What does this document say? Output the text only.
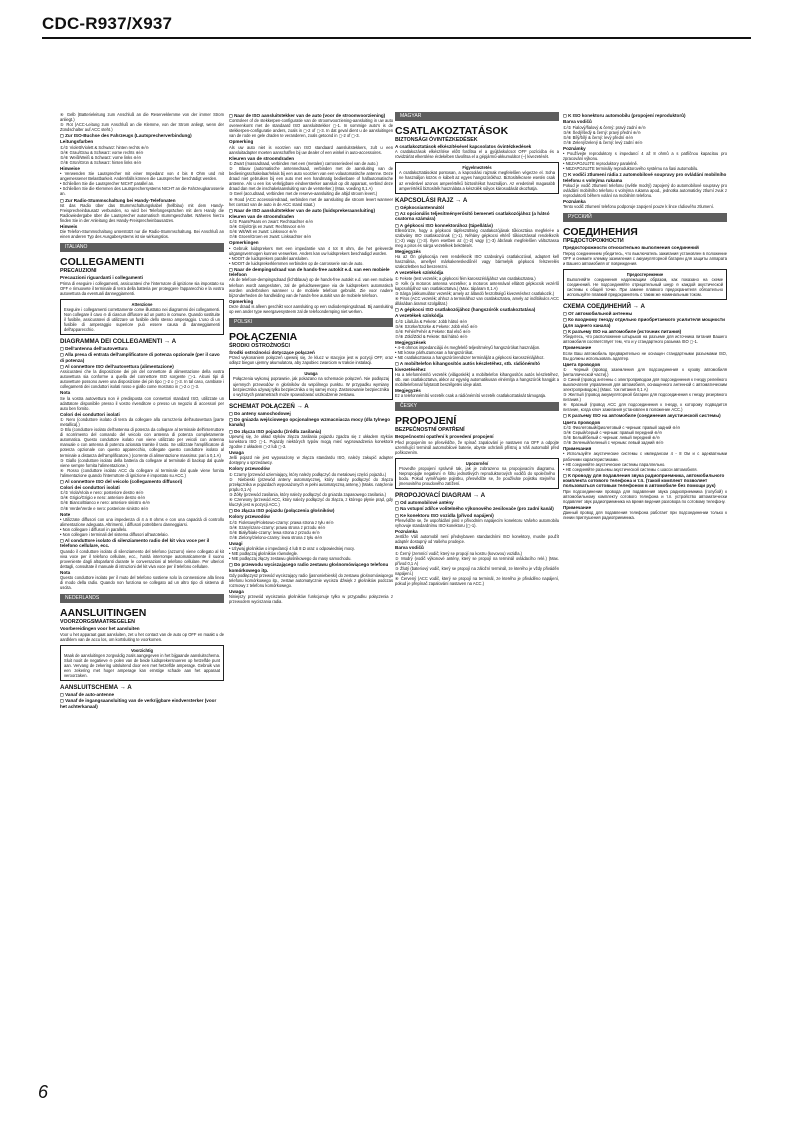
CDC-R937/X937

④ Gelb (Batterieleitung zum Anschluß an die Reserveklemme von der immer Strom anliegt.)

⑤ Rot (ACC-Leitung zum Anschluß an die Klemme, von der Strom anliegt, wenn der Zündschalter auf ACC steht.)

◻ Zur ISO-Buchse des Fahrzeugs (Lautsprecherverbindung)
Leitungsfarben

①/② Violett/Violett & Schwarz: hinten rechts ⊕/⊖

③/④ Grau/Grau & Schwarz: vorne rechts ⊕/⊖

⑤/⑥ Weiß/Weiß & Schwarz: vorne links ⊕/⊖

⑦/⑧ Grün/Grün & Schwarz: hinten links ⊕/⊖

Hinweise

• Verwenden Sie Lautsprecher mit einer Impedanz von 4 bis 8 Ohm und mit angemessener Belastbarkeit. Andernfalls können die Lautsprecher beschädigt werden.

• Schließen Sie die Lautsprecher NICHT parallel an.

• Schließen Sie die Klemmen des Lautsprechersystems NICHT an die Fahrzeugkarosserie an.

◻ Zur Radio-Stummschaltung bei Handy-Telefonaten

Ist das Radio über das Stummschaltungskabel (hellblau) mit dem Handy-Freisprecheinbausatz verbunden, so wird bei Telefongesprächen mit dem Handy die Radiowiedergabe über die Lautsprecher automatisch stummgeschaltet. Näheres hierzu finden Sie in der Anleitung des Handy-Freisprecheinbausatzes.

Hinweis

Die Telefon-Stummschaltung unterstützt nur die Radio-Stummschaltung. Bei Anschluß an einen anderen Typ des Ausgabesystems ist sie wirkungslos.

ITALIANO
COLLEGAMENTI
PRECAUZIONI
Precauzioni riguardanti i collegamenti

Prima di eseguire i collegamenti, assicuratevi che l'interrutore di ignizione sia impostato su OFF e rimuovete il terminale di terra della batteria per proteggere l'apparecchio e la vostra autovettura da eventuali danneggiamenti.

Attenzione

Eseguire i collegamenti correttamente come illustrato nei diagrammi dei collegamenti. Non collegare il cavo ⊖ di ciascun diffusore ad un punto in comune. Quando sostituite il fusibile, assicuratevi di utilizzare un fusibile dello stesso amperaggio. L'uso di un fusibile di amperaggio superiore può essere causa di danneggiamenti dell'apparecchio.

DIAGRAMMA DEI COLLEGAMENTI → A
◻ Dell'antenna dell'autovettura
◻ Alla presa di entrata dell'amplificatore di potenza opzionale (per il cavo di potenza)
◻ Al connettore ISO dell'autovettura (alimentazione)

Assicuratevi che la disposizione dei pin del connettore di alimentazione della vostra autovettura sia conforme a quella del connettore ISO sorgente ◻-1. Alcuni tipi di autovetture possono avere una disposizione dei pin tipo ◻-2 o ◻-3. In tal caso, cambiate i collegamenti dei conduttori isolati rosso e giallo come mostrato in ◻-2 o ◻-3.

Nota

Se la vostra autovettura non è predisposta con connettori standard ISO, utilizzate un adattatore disponibile presso il vostro rivenditore o presso un negozio di accessori per auto ben fornito.

Colori dei conduttori isolati

① Nero (conduttore isolato di terra da collegare alla carrozzeria dell'autovettura [parte metallica].)

② Blu (conduttore isolato dell'antenna di potenza da collegare al terminale dell'interruttore di scorrimento del comando del veicolo con antenna di potenza completamente automatica. Questo conduttore isolato non viene utilizzato per veicoli con antenna manuale o con antenna di potenza azionata tramite il tasto. Se utilizzate l'amplificatore di potenza opzionale con questo apparecchio, collegate questo conduttore isolato al terminale a distanza dell'amplificatore.) (corrente di alimentazione massima: pari a 0,1 A)

③ Giallo (conduttore isolato della batteria da collegare al terminale di backup dal quale viene sempre fornita l'alimentazione.)

④ Rosso (conduttore isolato ACC da collegare al terminale dal quale viene fornita l'alimentazione quando l'interruttore di ignizione è impostato su ACC.)

◻ Al connettore ISO del veicolo (collegamento diffusori)
Colori dei conduttori isolati

①/② Viola/Viola e nero: posteriore destro ⊕/⊖

③/④ Grigio/Grigio e nero: anteriore destro ⊕/⊖

⑤/⑥ Bianco/Bianco e nero: anteriore sinistro ⊕/⊖

⑦/⑧ Verde/Verde e nero: posteriore sinistro ⊕/⊖

Note

• Utilizzate diffusori con una impedenza di 4 a 8 ohms e con una capacità di controllo alimentazione adeguata. Altrimenti, i diffusori potrebbero danneggiarsi.

• Non collegare i diffusori in parallelo.

• Non collegare i terminali del sistema diffusori all'autotelaio.

◻ Al conduttore isolato di silenziamento radio del kit viva voce per il telefono cellulare, ecc.

Quando il conduttore isolato di silenziamento del telefono (azzurro) viene collegato al kit viva voce per il telefono cellulare, ecc., l'unità interrompe automaticamente il suono proveniente dagli altoparlanti durante le conversazioni al telefono cellulare. Per ulteriori dettagli, consultate il manuale di istruzioni del kit viva voce per il telefono cellulare.

Nota

Questo conduttore isolato per il muto del telefono sostiene solo la connessione alla linea di modo della radio. Quando non funziona se collegato ad un altro tipo di sistema di uscita.

NEDERLANDS
AANSLUITINGEN
VOORZORGSMAATREGELEN
Voorbereidingen voor het aansluiten

Voor u het apparaat gaat aansluiten, zet u het contact van de auto op OFF en maakt u de aardklem van de accu los, om kortsluiting te voorkomen.

Voorzichtig

Maak de aansluitingen zorgvuldig zoals aangegeven in het bijgaande aansluitschema. Sluit nooit de negatieve ⊖ polen van de beide luidsprekersnoeren op hetzelfde punt aan. Vervang de zekering uitsluitend door een met hetzelfde amperage. Gebruik van een zekering met hoger amperage kan ernstige schade aan het apparaat veroorzaken.

AANSLUITSCHEMA → A
◻ Vanaf de auto-antenne
◻ Vanaf de ingangsaansluiting van de verkrijgbare eindversterker (voor het achterkanaal)
◻ Naar de ISO aansluitstekker van de auto (voor de stroomvoorziening)

Controleer of de stekkerpen-configuratie van de stroomvoorziening-aansluiting in uw auto overeenkomt met de standaard ISO aansluitstekker ◻-1. In sommige auto's is de stekkerpen-configuratie anders, zoals in ◻-2 of ◻-3. In dat geval dient u de aansluitingen van de rode en gele draden te veranderen, zoals getoond in ◻-2 of ◻-3.

Opmerking

Als uw auto niet is voorzien van ISO standaard aansluitstekkers, zult u een aansluitadapter moeten aanschaffen bij uw dealer of een winkel in auto-accessoires.

Kleuren van de stroomdraden

① Zwart (massadraad, verbinden met een (metalen) carrosseriedeel van de auto.)

② Blauw (automatische antennedraad, verbinden met de aansluiting van de bedieningsschakelaar/relais bij een auto voorzien van een volautomatische antenne. Deze draad niet gebruiken bij een auto met een handmatig bedienbare of halfautomatische antenne. Als u een los verkrijgbare eindversterker aansluit op dit apparaat, verbind deze draad dan met de inschakelaansluiting van de versterker.) (Max. voeding 0,1 A)

③ Geel (accudraad, verbinden met de reserve-aansluiting die altijd stroom levert.)

④ Rood (ACC accessoiredraad, verbinden met de aansluiting die stroom levert wanneer het contact van de auto in de ACC stand staat.)

◻ Naar de ISO aansluitstekker van de auto (luidsprekeraansluiting)
Kleuren van de stroomdraden

①/② Paars/Paars en zwart: Rechtsachter ⊕/⊖

③/④ Grijs/Grijs en zwart: Rechtsvoor ⊕/⊖

⑤/⑥ Wit/Wit en zwart: Linksvoor ⊕/⊖

⑦/⑧ Groen/Groen en zwart: Linksachter ⊕/⊖

Opmerkingen

• Gebruik luidsprekers met een impedantie van 4 tot 8 ohm, die het geleverde uitgangsvermogen kunnen verwerken. Anders kan uw luidsprekers beschadigd worden.

• NOOIT de luidsprekers parallel aansluiten.

• NOOIT de luidsprekerklemmen verbinden op de carrosserie van de auto.

◻ Naar de dempingsdraad van de hands-free autokit e.d. van een mobiele telefoon

Als de telefoon-dempingsdraad (lichtblauw) op de hands-free autokit e.d. van een mobiele telefoon wordt aangesloten, zal de geluidsweergave via de luidsprekers automatisch worden onderbroken wanneer u de mobiele telefoon gebruikt. Zie voor nadere bijzonderheden de handleiding van de hands-free autokit van de mobiele telefoon.

Opmerking

Deze draad is alleen geschikt voor aansluiting op een radiodempingsdraad. Bij aansluiting op een ander type weergavesysteem zal de telefoondemping niet werken.

POLSKI
POŁĄCZENIA
ŚRODKI OSTROŻNOŚCI
Środki ostrożności dotyczące połączeń

Przed wykonaniem połączeń upewnij się, że klucz w stacyjce jest w pozycji OFF, oraz odłącz biegun ujemny akumulatora, aby zapobiec zwarciom w trakcie instalacji.

Uwaga

Połączenia wykonuj poprawnie, jak pokazano na schemacie połączeń. Nie podłączaj ujemnych przewodów ⊖ głośników do wspólnego punktu. W przypadku wymiany bezpiecznika używaj tylko bezpiecznika o tej samej mocy. Zastosowanie bezpiecznika o wyższych parametrach może spowodować uszkodzenie zestawu.

SCHEMAT POŁĄCZEŃ → A
◻ Do anteny samochodowej
◻ Do gniazda wejściowego opcjonalnego wzmacniacza mocy (dla tylnego kanału)
◻ Do złącza ISO pojazdu (źródła zasilania)

Upewnij się, że układ styków złącza zasilania pojazdu zgadza się z układem styków konektora ISO ◻-1. Pojazdy niektórych typów mogą mieć wyprowadzenia konektora zgodne z układem ◻-2 lub ◻-3.

Uwaga

Jeśli pojazd nie jest wyposażony w złącza standardu ISO, należy zakupić adapter dostępny u sprzedawcy.

Kolory przewodów

① Czarny (przewód uziemiający, który należy podłączyć do metalowej części pojazdu.)

② Niebieski (przewód anteny automatycznej, który należy podłączyć do złącza przełącznika w pojazdach wyposażonych w pełni automatyczną antenę.) (Maks. natężenie prądu 0,1 A)

③ Żółty (przewód zasilania, który należy podłączyć do gniazda zapasowego zasilania.)

④ Czerwony (przewód ACC, który należy podłączyć do złącza, z którego płynie prąd, gdy kluczyk jest w pozycji ACC.)

◻ Do złącza ISO pojazdu (połączenia głośników)
Kolory przewodów

①/② Fioletowy/Fioletowo-czarny: prawa strona z tyłu ⊕/⊖

③/④ Szary/szaro-czarny: prawa strona z przodu ⊕/⊖

⑤/⑥ Biały/biało-czarny: lewa strona z przodu ⊕/⊖

⑦/⑧ Zielony/zielono-czarny: lewa strona z tyłu ⊕/⊖

Uwagi

• Używaj głośników o impedancji 4 lub 8 Ω oraz o odpowiedniej mocy.

• NIE podłączaj głośników równolegle.

• NIE podłączaj złączy zestawu głośnikowego do masy samochodu.

◻ Do przewodu wyciszającego radio zestawu głośnomówiącego telefonu komórkowego itp.

Gdy podłączysz przewód wyciszający radio (jasnoniebieski) do zestawu głośnomówiącego telefonu komórkowego itp., zestaw automatycznie wycisza dźwięk z głośników podczas rozmowy z telefonu komórkowego.

Uwaga

Niniejszy przewód wyciszania głośników funkcjonuje tylko w przypadku połączenia z przewodem wyciszania radia.

MAGYAR
CSATLAKOZTATÁSOK
BIZTONSÁGI ÓVINTÉZKEDÉSEK
A csatlakoztatások elkészítésével kapcsolatos óvintézkedések

A csatlakozások elkészítése előtt fordítsa el a gyújtáskulcsot OFF pozícióba és a rövidzárlat elkerülése érdekében távolítsa el a gépjármű-akkumulátor (–) kivezetését.

Figyelmeztetés

A csatlakoztatásokat pontosan, a kapcsolási rajznak megfelelően végezze el. Soha ne használjon közös ⊖ kábelt az egyes hangszórókhoz. Biztosítékcsere esetén csak az eredetivel azonos amperértékű biztosítékot használjon. Az eredetinél magasabb amperértékű biztosíték használata a készülék súlyos károsodását okozhatja.

KAPCSOLÁSI RAJZ → A
◻ Gépkocsiantennától
◻ Az opcionális teljesítményerősítő bemeneti csatlakozójához (a hátsó csatorna számára)
◻ A gépkocsi ISO konnektorához (tápellátás)

Ellenőrizze, hogy a gépkocsi tápfeszültség csatlakozójának tűkiosztása megfelel-e a szabvány ISO csatlakozónak (◻-1). Néhány gépkocsi eltérő tűkiosztással rendelkezik (◻-2) vagy (◻-3). Ilyen esetben az (◻-2) vagy (◻-3) ábrának megfelelően változtassa meg a piros és sárga vezetékek bekötését.

Megjegyzés

Ha az Ön gépkocsija nem rendelkezik ISO szabványú csatlakozóval, adaptert kell használnia, amellyel márkakereskedőnél vagy bármelyik gépkocsi felszerelés szaküzletben tud beszerezni.

A vezetékek színkódja

① Fekete (test vezeték; a gépkocsi fém karosszériájához van csatlakoztatva.)

② Kék (a motoros antenna vezetéke; a motoros antennával ellátott gépkocsik vezérlő kapcsolójához van csatlakoztatva.) (Max. tápáram 0,1 A)

③ Sárga (akkumulátor vezeték; amely az állandó feszültségű kivezetéshez csatlakozik.)

④ Piros (ACC vezeték; ahhoz a terminálhoz van csatlakoztatva, amely az indítókulcs ACC állásában áramot szolgáltat.)

◻ A gépkocsi ISO csatlakozójához (hangszórók csatlakoztatása)
A vezetékek színkódja

①/② Lila/Lila & Fekete: Jobb hátsó ⊕/⊖

③/④ Szürke/Szürke & Fekete: Jobb első ⊕/⊖

⑤/⑥ Fehér/Fehér & Fekete: Bal első ⊕/⊖

⑦/⑧ Zöld/Zöld & Fekete: Bal hátsó ⊕/⊖

Megjegyzések

• 4–8 ohmos impedanciájú és megfelelő teljesítményű hangszórókat használjon.

• NE kösse párhuzamosan a hangszórókat.

• NE csatlakoztassa a hangszórórendszer terminálját a gépkocsi karosszériájához.

◻ A mobiltelefon kihangosítós autós készletéhez, stb. rádiónémító kivezetéséhez

Ha a telefonnémító vezeték (világoskék) a mobiltelefon kihangosítós autós készletéhez, stb. van csatlakoztatva, akkor az egység automatikusan elnémítja a hangszórók hangját a mobiltelefonnal folytatott beszélgetés ideje alatt.

Megjegyzés

Ez a telefonnémító vezeték csak a rádiónémító vezeték csatlakoztatását támogatja.

ČESKY
PROPOJENÍ
BEZPEČNOSTNÍ OPATŘENÍ
Bezpečnostní opatření k provedení propojení

Před propojením se přesvědčte, že spínač zapalování je nastaven na OFF a odpojte uzemňující terminál automobilové baterie, abyste ochránili přístroj a Váš automobil před poškozením.

Upozornění

Proveďte propojení správně tak, jak je zobrazeno na propojovacím diagramu. Nepropojujte negativní ⊖ štítu jednotlivých reproduktorových vodičů do společného bodu. Pokud vyměňujete pojistku, přesvědčte se, že používáte pojistku stejného jmenovitého proudového zatížení.

PROPOJOVACÍ DIAGRAM → A
◻ Od automobilové antény
◻ Na vstupní zdířce volitelného výkonového zesilovače (pro zadní kanál)
◻ Ke konektoru ISO vozidla (přívod napájení)

Přesvědčte se, že uspořádání pinů v přívodním napájecím konektoru Vašeho automobilu vyhovuje standardnímu ISO konektoru (◻-1).

Poznámka

Jestliže Váš automobil není předvybaven standardními ISO konektory, musíte použít adaptér dostupný od Vašeho prodejce.

Barva vodičů

① Černý (zemnící vodič; který se propojí na kostru (kovovou) vozidla.)

② Modrý (vodič výkonové antény, který se propojí na terminál ovládacího relé.) (Max. přívod 0,1 A)

③ Žlutý (bateriový vodič, který se propojí na záložní terminál, ze kterého je vždy přiváděn napájení.)

④ Červený (ACC vodič, který se propojí na terminál, ze kterého je přiváděno napájení, pokud je přepínač zapalování nastaven na ACC.)

◻ K ISO konektoru automobilu (propojení reproduktorů)
Barva vodičů

①/② Fialový/fialový & černý: pravý zadní ⊕/⊖

③/④ Šedý/šedý & černý: pravý přední ⊕/⊖

⑤/⑥ Bílý/bílý & černý: levý přední ⊕/⊖

⑦/⑧ Zelený/zelený & černý: levý zadní ⊕/⊖

Poznámky

• Používejte reproduktory s impedancí 4 až 8 ohmů a s patřičnou kapacitou pro zpracování výkonu.

• NEZAPOJUJTE reproduktory paralelně.

• NEZAPOJUJTE terminály reproduktorového systému na šasi automobilu.

◻ K vodiči ztlumení rádia z automobilové soupravy pro ovládání mobilního telefonu s volnýma rukama

Pokud je vodič ztlumení telefonu (světle modrý) zapojený do automobilové soupravy pro ovládání mobilního telefonu s volnýma rukama apod., jednotka automaticky ztlumí zvuk z reproduktorů během volání na mobilním telefonu.

Poznámka

Tento vodič ztlumení telefonu podporuje zapojení pouze k lince rádiového ztlumení.

РУССКИЙ
СОЕДИНЕНИЯ
ПРЕДОСТОРОЖНОСТИ
Предосторожности относительно выполнения соединений

Перед соединением убедитесь, что выключатель зажигания установлен в положение OFF и снимите клемму заземления с аккумуляторной батареи для защиты аппарата и Вашего автомобиля от повреждения.

Предостережение

Выполняйте соединения надлежащим образом, как показано на схеме соединений. Не подсоединяйте отрицательный шнур ⊖ каждой акустической системы к общей точке. При замене плавкого предохранителя обязательно используйте плавкий предохранитель с таким же номинальным током.

СХЕМА СОЕДИНЕНИЙ → A
◻ От автомобильной антенны
◻ Ко входному гнезду отдельно приобретаемого усилителя мощности (для заднего канала)
◻ К разъему ISO на автомобиле (источник питания)

Убедитесь, что расположение штырьков на разъеме для источника питания Вашего автомобиля соответствует тем, что и у стандартного разъема ISO ◻-1.

Примечание

Если Ваш автомобиль предварительно не оснащен стандартными разъемами ISO, Вы должны использовать адаптер.

Цвета проводов

① Черный (провод заземления для подсоединения к кузову автомобиля [металлической части].)

② Синий (провод антенны с электроприводом для подсоединения к гнезду релейного выключателя управления для автомобиля, оснащенного антенной с автоматическим электроприводом.) (Макс. ток питания 0,1 A)

③ Желтый (провод аккумуляторной батареи для подсоединения к гнезду резервного питания.)

④ Красный (провод ACC для подсоединения к гнезду, к которому подводится питание, когда ключ зажигания установлен в положение ACC.)

◻ К разъему ISO на автомобиле (соединения акустической системы)
Цвета проводов

①/② Фиолетовый/фиолетовый с черным: правый задний ⊕/⊖

③/④ Серый/серый с черным: правый передний ⊕/⊖

⑤/⑥ Белый/белый с черным: левый передний ⊕/⊖

⑦/⑧ Зеленый/зеленый с черным: левый задний ⊕/⊖

Примечания

• Используйте акустические системы с импедансом 4 - 8 Ом и с адекватными рабочими характеристиками.

• НЕ соединяйте акустические системы параллельно.

• НЕ соединяйте разъемы акустической системы с шасси автомобиля.

◻ К проводу для подавления звука радиоприемника, автомобильного комплекта сотового телефона и т.п. (такой комплект позволяет пользоваться сотовым телефоном в автомобиле без помощи рук)

При подсоединении провода для подавления звука радиоприемника (голубой) к автомобильному комплекту сотового телефона и т.п. устройство автоматически подавляет звук радиоприемника на время ведения разговора по сотовому телефону.

Примечание

Данный провод для подавления телефона работает при подсоединении только к линии приглушения радиоприемника.

6
